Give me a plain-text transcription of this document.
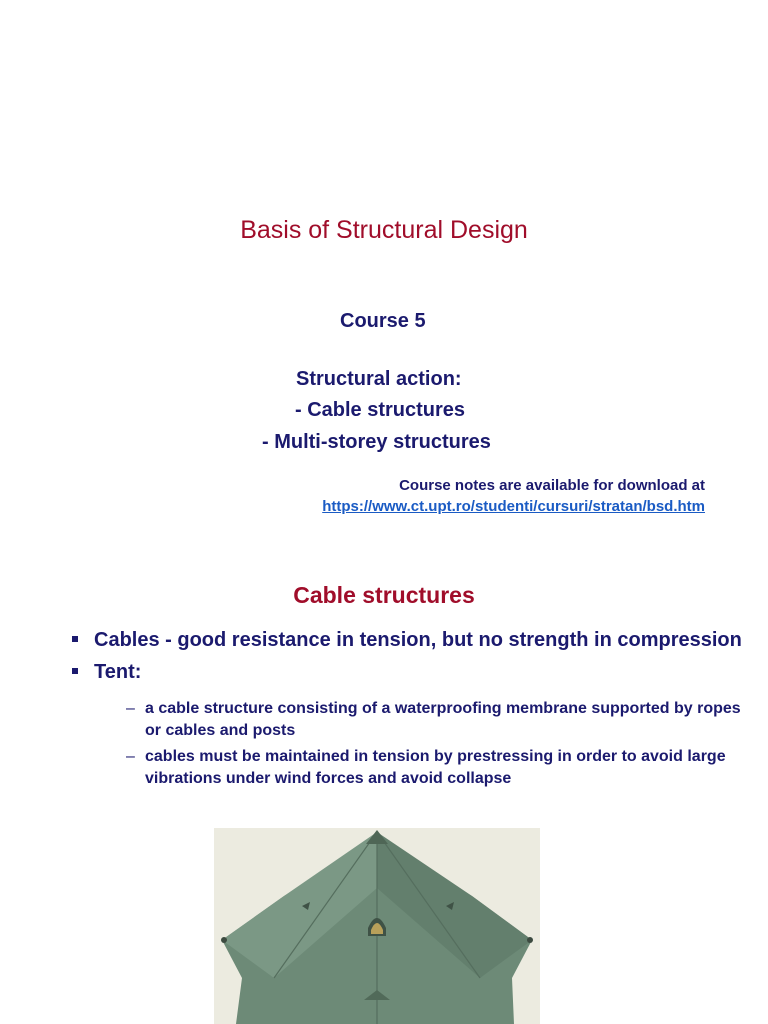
Basis of Structural Design
Course 5
Structural action:
- Cable structures
- Multi-storey structures
Course notes are available for download at
https://www.ct.upt.ro/studenti/cursuri/stratan/bsd.htm
Cable structures
Cables - good resistance in tension, but no strength in compression
Tent:
– a cable structure consisting of a waterproofing membrane supported by ropes or cables and posts
– cables must be maintained in tension by prestressing in order to avoid large vibrations under wind forces and avoid collapse
